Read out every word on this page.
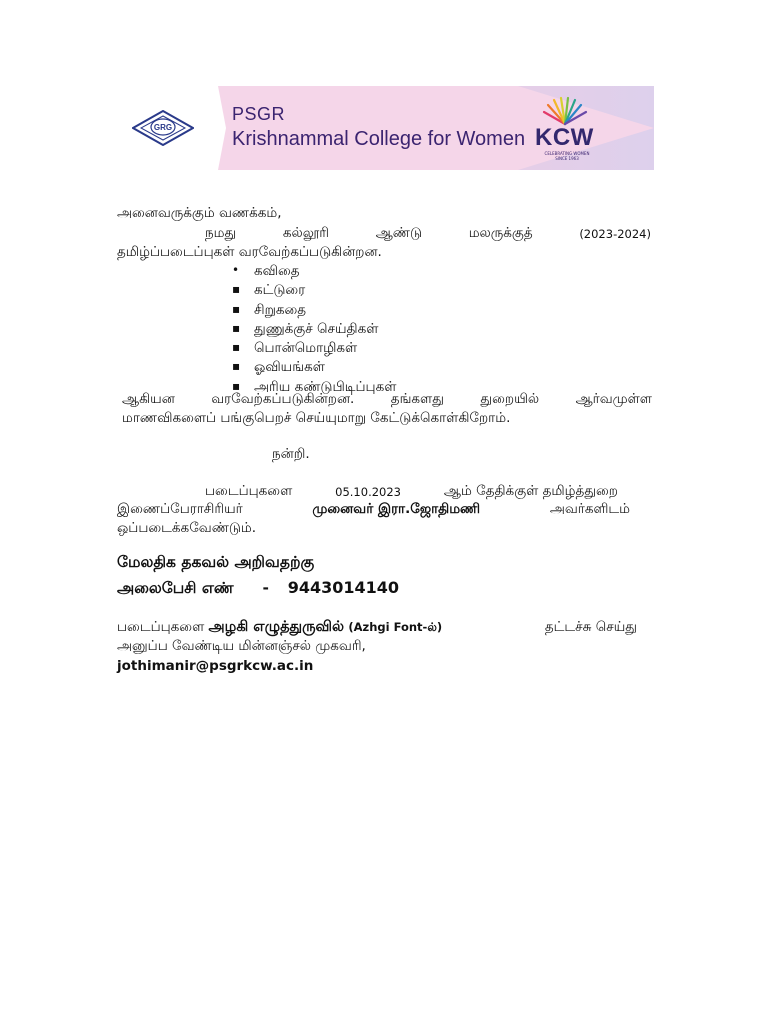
GRG
PSGR
Krishnammal College for Women KCW
CELEBRATING WOMEN SINCE 1963
அனைவருக்கும் வணக்கம்,
நமது	கல்லூரி	ஆண்டு	மலருக்குத்	(2023-2024)
தமிழ்ப்படைப்புகள் வரவேற்கப்படுகின்றன.
• கவிதை
▪ கட்டுரை
▪ சிறுகதை
▪ துணுக்குச் செய்திகள்
▪ பொன்மொழிகள்
▪ ஓவியங்கள்
▪ அரிய கண்டுபிடிப்புகள்
ஆகியன வரவேற்கப்படுகின்றன. தங்களது துறையில் ஆர்வமுள்ள
மாணவிகளைப் பங்குபெறச் செய்யுமாறு கேட்டுக்கொள்கிறோம்.
நன்றி.
படைப்புகளை	05.10.2023	ஆம் தேதிக்குள் தமிழ்த்துறை
இணைப்பேராசிரியர்	முனைவர் இரா.ஜோதிமணி	அவர்களிடம்
ஒப்படைக்கவேண்டும்.
மேலதிக தகவல் அறிவதற்கு
அலைபேசி எண் - 9443014140
படைப்புகளை அழகி எழுத்துருவில் (Azhgi Font-ல்)	தட்டச்சு செய்து
அனுப்ப வேண்டிய மின்னஞ்சல் முகவரி,
jothimanir@psgrkcw.ac.in
